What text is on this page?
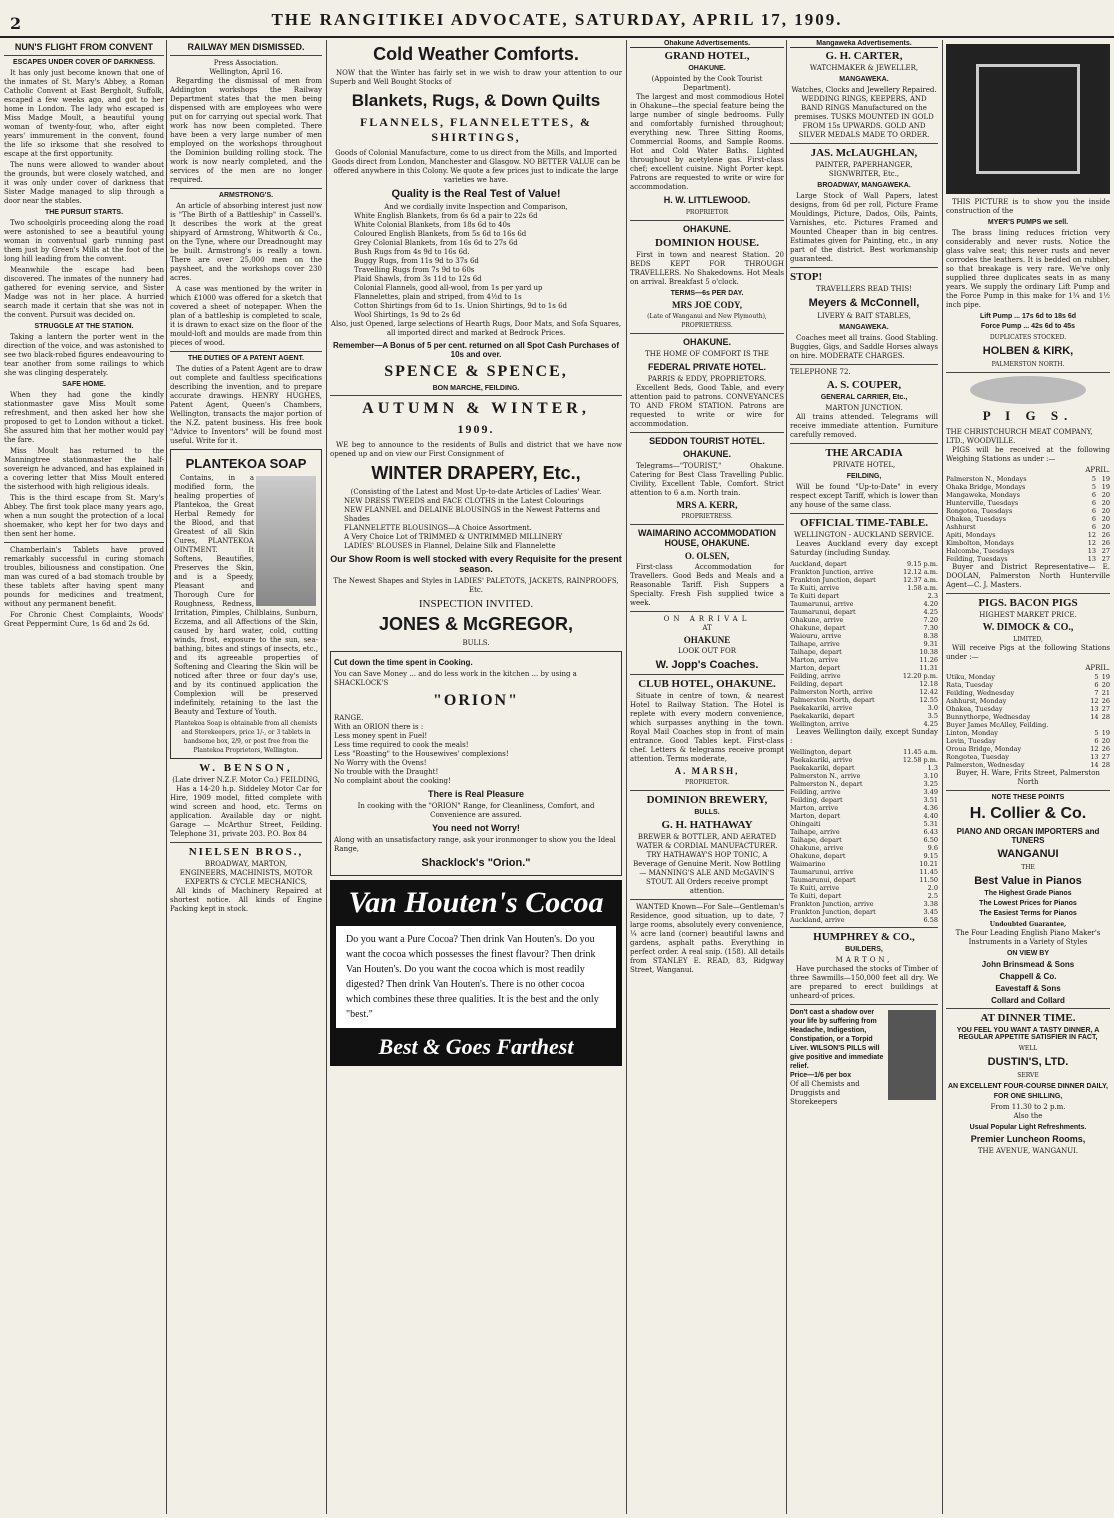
2	THE RANGITIKEI ADVOCATE, SATURDAY, APRIL 17, 1909.
NUN'S FLIGHT FROM CONVENT
ESCAPES UNDER COVER OF DARKNESS.

It has only just become known that one of the inmates of St. Mary's Abbey, a Roman Catholic Convent at East Bergholt, Suffolk, escaped a few weeks ago, and got to her home in London. The lady who escaped is Miss Madge Moult, a beautiful young woman of twenty-four, who, after eight years' immurement in the convent, found the life so irksome that she resolved to escape at the first opportunity.

The nuns were allowed to wander about the grounds, but were closely watched, and it was only under cover of darkness that Sister Madge managed to slip through a door near the stables.

THE PURSUIT STARTS.

Two schoolgirls proceeding along the road were astonished to see a beautiful young woman in conventual garb running past them just by Green's Mills at the foot of the long hill leading from the convent.

Meanwhile the escape had been discovered. The inmates of the nunnery had gathered for evening service, and Sister Madge was not in her place. A hurried search made it certain that she was not in the convent. Pursuit was decided on.

STRUGGLE AT THE STATION.

Taking a lantern the porter went in the direction of the voice, and was astonished to see two black-robed figures endeavouring to tear another from some railings to which she was clinging desperately.

SAFE HOME.

When they had gone the kindly stationmaster gave Miss Moult some refreshment, and then asked her how she proposed to get to London without a ticket. She assured him that her mother would pay the fare.

Miss Moult has returned to the Manningtree stationmaster the half-sovereign he advanced, and has explained in a covering letter that Miss Moult entered the sisterhood with high religious ideals.

This is the third escape from St. Mary's Abbey. The first took place many years ago, when a nun sought the protection of a local shoemaker, who kept her for two days and then sent her home.

Chamberlain's Tablets have proved remarkably successful in curing stomach troubles, biliousness and constipation. One man was cured of a bad stomach trouble by these tablets after having spent many pounds for medicines and treatment, without any permanent benefit.

For Chronic Chest Complaints, Woods' Great Peppermint Cure, 1s 6d and 2s 6d.

RAILWAY MEN DISMISSED.
Press Association.
Wellington, April 16.

Regarding the dismissal of men from Addington workshops the Railway Department states that the men being dispensed with are employees who were put on for carrying out special work. That work has now been completed. There have been a very large number of men employed on the workshops throughout the Dominion building rolling stock. The work is now nearly completed, and the services of the men are no longer required.

ARMSTRONG'S.

An article of absorbing interest just now is "The Birth of a Battleship" in Cassell's. It describes the work at the great shipyard of Armstrong, Whitworth & Co., on the Tyne, where our Dreadnought may be built. Armstrong's is really a town. There are over 25,000 men on the paysheet, and the workshops cover 230 acres.

A case was mentioned by the writer in which £1000 was offered for a sketch that covered a sheet of notepaper. When the plan of a battleship is completed to scale, it is drawn to exact size on the floor of the mould-loft and moulds are made from thin pieces of wood.

THE DUTIES OF A PATENT AGENT.

The duties of a Patent Agent are to draw out complete and faultless specifications describing the invention, and to prepare accurate drawings. HENRY HUGHES, Patent Agent, Queen's Chambers, Wellington, transacts the major portion of the N.Z. patent business. His free book "Advice to Inventors" will be found most useful. Write for it.

PLANTEKOA SOAP

Contains, in a modified form, the healing properties of Plantekoa, the Great Herbal Remedy for the Blood, and that Greatest of all Skin Cures, PLANTEKOA OINTMENT. It Softens, Beautifies, Preserves the Skin, and is a Speedy, Pleasant and Thorough Cure for Roughness, Redness, Irritation, Pimples, Chilblains, Sunburn, Eczema, and all Affections of the Skin, caused by hard water, cold, cutting winds, frost, exposure to the sun, sea-bathing, bites and stings of insects, etc., and its agreeable properties of Softening and Clearing the Skin will be noticed after three or four day's use, and by its continued application the Complexion will be preserved indefinitely, retaining to the last the Beauty and Texture of Youth.

Plantekoa Soap is obtainable from all chemists and Storekeepers, price 1/-, or 3 tablets in handsome box, 2/9, or post free from the Plantekoa Proprietors, Wellington.
W. BENSON,
(Late driver N.Z.F. Motor Co.) FEILDING,

Has a 14-20 h.p. Siddeley Motor Car for Hire, 1909 model, fitted complete with wind screen and hood, etc. Terms on application. Available day or night. Garage — McArthur Street, Feilding. Telephone 31, private 203. P.O. Box 84

NIELSEN BROS.,
BROADWAY, MARTON,
ENGINEERS, MACHINISTS, MOTOR EXPERTS & CYCLE MECHANICS,

All kinds of Machinery Repaired at shortest notice. All kinds of Engine Packing kept in stock.

Cold Weather Comforts.

NOW that the Winter has fairly set in we wish to draw your attention to our Superb and Well Bought Stocks of

Blankets, Rugs, & Down Quilts
FLANNELS, FLANNELETTES, & SHIRTINGS,

Goods of Colonial Manufacture, come to us direct from the Mills, and Imported Goods direct from London, Manchester and Glasgow. NO BETTER VALUE can be offered anywhere in this Colony. We quote a few prices just to indicate the large varieties we have.

Quality is the Real Test of Value!
And we cordially invite Inspection and Comparison,
White English Blankets, from 6s 6d a pair to 22s 6d
White Colonial Blankets, from 18s 6d to 40s
Coloured English Blankets, from 5s 6d to 16s 6d
Grey Colonial Blankets, from 16s 6d to 27s 6d
Bush Rugs from 4s 9d to 16s 6d.
Buggy Rugs, from 11s 9d to 37s 6d
Travelling Rugs from 7s 9d to 60s
Plaid Shawls, from 3s 11d to 12s 6d
Colonial Flannels, good all-wool, from 1s per yard up
Flannelettes, plain and striped, from 4½d to 1s
Cotton Shirtings from 6d to 1s. Union Shirtings, 9d to 1s 6d
Wool Shirtings, 1s 9d to 2s 6d

Also, just Opened, large selections of Hearth Rugs, Door Mats, and Sofa Squares, all imported direct and marked at Bedrock Prices.

Remember—A Bonus of 5 per cent. returned on all Spot Cash Purchases of 10s and over.
SPENCE & SPENCE,
BON MARCHE, FEILDING.
AUTUMN & WINTER,
1909.

WE beg to announce to the residents of Bulls and district that we have now opened up and on view our First Consignment of

WINTER DRAPERY, Etc.,
(Consisting of the Latest and Most Up-to-date Articles of Ladies' Wear.
NEW DRESS TWEEDS and FACE CLOTHS in the Latest Colourings
NEW FLANNEL and DELAINE BLOUSINGS in the Newest Patterns and Shades
FLANNELETTE BLOUSINGS—A Choice Assortment.
A Very Choice Lot of TRIMMED & UNTRIMMED MILLINERY
LADIES' BLOUSES in Flannel, Delaine Silk and Flannelette
Our Show Room is well stocked with every Requisite for the present season.
The Newest Shapes and Styles in LADIES' PALETOTS, JACKETS, RAINPROOFS, Etc.
INSPECTION INVITED.
JONES & McGREGOR,
BULLS.
Cut down the time spent in Cooking.
You can Save Money ... and do less work in the kitchen ... by using a SHACKLOCK'S
"ORION"
RANGE.
With an ORION there is :
Less money spent in Fuel!
Less time required to cook the meals!
Less "Roasting" to the Housewives' complexions!
No Worry with the Ovens!
No trouble with the Draught!
No complaint about the cooking!
There is Real Pleasure
In cooking with the "ORION" Range, for Cleanliness, Comfort, and Convenience are assured.
You need not Worry!
Along with an unsatisfactory range, ask your ironmonger to show you the Ideal Range,
Shacklock's "Orion."
Van Houten's Cocoa
Do you want a Pure Cocoa? Then drink Van Houten's. Do you want the cocoa which possesses the finest flavour? Then drink Van Houten's. Do you want the cocoa which is most readily digested? Then drink Van Houten's. There is no other cocoa which combines these three qualities. It is the best and the only "best."
Best & Goes Farthest
Ohakune Advertisements.
GRAND HOTEL,
OHAKUNE.
(Appointed by the Cook Tourist Department).

The largest and most commodious Hotel in Ohakune—the special feature being the large number of single bedrooms. Fully and comfortably furnished throughout; everything new. Three Sitting Rooms, Commercial Rooms, and Sample Rooms. Hot and Cold Water Baths. Lighted throughout by acetylene gas. First-class chef; excellent cuisine. Night Porter kept. Patrons are requested to write or wire for accommodation.

H. W. LITTLEWOOD.
PROPRIETOR
OHAKUNE.
DOMINION HOUSE.

First in town and nearest Station. 20 BEDS KEPT FOR THROUGH TRAVELLERS. No Shakedowns. Hot Meals on arrival. Breakfast 5 o'clock.

TERMS—6s PER DAY.
MRS JOE CODY,
(Late of Wanganui and New Plymouth), PROPRIETRESS.
OHAKUNE.
THE HOME OF COMFORT IS THE
FEDERAL PRIVATE HOTEL.
PARRIS & EDDY, PROPRIETORS.

Excellent Beds, Good Table, and every attention paid to patrons. CONVEYANCES TO AND FROM STATION. Patrons are requested to write or wire for accommodation.

SEDDON TOURIST HOTEL.
OHAKUNE.

Telegrams—"TOURIST," Ohakune. Catering for Best Class Travelling Public. Civility, Excellent Table, Comfort. Strict attention to 6 a.m. North train.

MRS A. KERR,
PROPRIETRESS.
WAIMARINO ACCOMMODATION HOUSE, OHAKUNE.
O. OLSEN,

First-class Accommodation for Travellers. Good Beds and Meals and a Reasonable Tariff. Fish Suppers a Specialty. Fresh Fish supplied twice a week.

ON ARRIVAL
AT
OHAKUNE
LOOK OUT FOR
W. Jopp's Coaches.
CLUB HOTEL, OHAKUNE.

Situate in centre of town, & nearest Hotel to Railway Station. The Hotel is replete with every modern convenience, which surpasses anything in the town. Royal Mail Coaches stop in front of main entrance. Good Tables kept. First-class chef. Letters & telegrams receive prompt attention. Terms moderate,

A. MARSH,
PROPRIETOR.
DOMINION BREWERY,
BULLS.
G. H. HATHAWAY

BREWER & BOTTLER, AND AERATED WATER & CORDIAL MANUFACTURER. TRY HATHAWAY'S HOP TONIC, A Beverage of Genuine Merit. Now Bottling— MANNING'S ALE AND McGAVIN'S STOUT. All Orders receive prompt attention.

WANTED Known—For Sale—Gentleman's Residence, good situation, up to date, 7 large rooms, absolutely every convenience, ¼ acre land (corner) beautiful lawns and gardens, asphalt paths. Everything in perfect order. A real snip. (158). All details from STANLEY E. READ, 83, Ridgway Street, Wanganui.

Mangaweka Advertisements.
G. H. CARTER,
WATCHMAKER & JEWELLER,
MANGAWEKA.

Watches, Clocks and Jewellery Repaired. WEDDING RINGS, KEEPERS, AND BAND RINGS Manufactured on the premises. TUSKS MOUNTED IN GOLD FROM 15s UPWARDS. GOLD AND SILVER MEDALS MADE TO ORDER.

JAS. McLAUGHLAN,
PAINTER, PAPERHANGER, SIGNWRITER, Etc.,
BROADWAY, MANGAWEKA.

Large Stock of Wall Papers, latest designs, from 6d per roll, Picture Frame Mouldings, Picture, Dados, Oils, Paints, Varnishes, etc. Pictures Framed and Mounted Cheaper than in big centres. Estimates given for Painting, etc., in any part of the district. Best workmanship guaranteed.

STOP!
TRAVELLERS READ THIS!
Meyers & McConnell,
LIVERY & BAIT STABLES,
MANGAWEKA.

Coaches meet all trains. Good Stabling. Buggies, Gigs, and Saddle Horses always on hire. MODERATE CHARGES.

TELEPHONE 72.
A. S. COUPER,
GENERAL CARRIER, Etc.,
MARTON JUNCTION.

All trains attended. Telegrams will receive immediate attention. Furniture carefully removed.

THE ARCADIA
PRIVATE HOTEL,
FEILDING,

Will be found "Up-to-Date" in every respect except Tariff, which is lower than any house of the same class.

OFFICIAL TIME-TABLE.
WELLINGTON - AUCKLAND SERVICE.

Leaves Auckland every day except Saturday (including Sunday.

Auckland, depart	9.15 p.m.
Frankton Junction, arrive	12.12 a.m.
Frankton Junction, depart	12.37 a.m.
Te Kuiti, arrive	1.58 a.m.
Te Kuiti depart	2.3
Taumarunui, arrive	4.20
Taumarunui, depart	4.25
Ohakune, arrive	7.20
Ohakune, depart	7.30
Waiouru, arrive	8.38
Taihape, arrive	9.31
Taihape, depart	10.38
Marton, arrive	11.26
Marton, depart	11.31
Feilding, arrive	12.20 p.m.
Feilding, depart	12.18
Palmerston North, arrive	12.42
Palmerston North, depart	12.55
Paekakariki, arrive	3.0
Paekakariki, depart	3.5
Wellington, arrive	4.25

Leaves Wellington daily, except Sunday :

Wellington, depart	11.45 a.m.
Paekakariki, arrive	12.58 p.m.
Paekakariki, depart	1.3
Palmerston N., arrive	3.10
Palmerston N., depart	3.25
Feilding, arrive	3.49
Feilding, depart	3.51
Marton, arrive	4.36
Marton, depart	4.40
Ohingaiti	5.31
Taihape, arrive	6.43
Taihape, depart	6.50
Ohakune, arrive	9.6
Ohakune, depart	9.15
Waimarino	10.21
Taumarunui, arrive	11.45
Taumarunui, depart	11.50
Te Kuiti, arrive	2.0
Te Kuiti, depart	2.5
Frankton Junction, arrive	3.38
Frankton Junction, depart	3.45
Auckland, arrive	6.58
HUMPHREY & CO.,
BUILDERS,
MARTON,

Have purchased the stocks of Timber of three Sawmills—150,000 feet all dry. We are prepared to erect buildings at unheard-of prices.

Don't cast a shadow over your life by suffering from Headache, Indigestion, Constipation, or a Torpid Liver. WILSON'S PILLS will give positive and immediate relief.
Price—1/6 per box
Of all Chemists and Druggists and Storekeepers

THIS PICTURE is to show you the inside construction of the

MYER'S PUMPS we sell.

The brass lining reduces friction very considerably and never rusts. Notice the glass valve seat; this never rusts and never corrodes the leathers. It is bedded on rubber, so that breakage is very rare. We've only supplied three duplicates seats in as many years. We supply the ordinary Lift Pump and the Force Pump in this make for 1¼ and 1½ inch pipe.

Lift Pump ... 17s 6d to 18s 6d
Force Pump ... 42s 6d to 45s
DUPLICATES STOCKED.
HOLBEN & KIRK,
PALMERSTON NORTH.
P I G S.
THE CHRISTCHURCH MEAT COMPANY, LTD., WOODVILLE.

PIGS will be received at the following Weighing Stations as under :—

APRIL.
Palmerston N., Mondays	5	19
Ohaka Bridge, Mondays	5	19
Mangaweka, Mondays	6	20
Hunterville, Tuesdays	6	20
Rongotea, Tuesdays	6	20
Ohakea, Tuesdays	6	20
Ashhurst	6	20
Apiti, Mondays	12	26
Kimbolton, Mondays	12	26
Halcombe, Tuesdays	13	27
Feilding, Tuesdays	13	27

Buyer and District Representative— E. DOOLAN, Palmerston North Hunterville Agent—C. J. Masters.

PIGS. BACON PIGS
HIGHEST MARKET PRICE.
W. DIMOCK & CO.,
LIMITED,

Will receive Pigs at the following Stations under :—

APRIL.
Utiku, Monday	5	19
Rata, Tuesday	6	20
Feilding, Wednesday	7	21
Ashhurst, Monday	12	26
Ohakea, Tuesday	13	27
Bunnythorpe, Wednesday	14	28
Buyer James McAlley, Feilding.		
Linton, Monday	5	19
Levin, Tuesday	6	20
Oroua Bridge, Monday	12	26
Rongotea, Tuesday	13	27
Palmerston, Wednesday	14	28
Buyer, H. Ware, Frits Street, Palmerston North
NOTE THESE POINTS
H. Collier & Co.
PIANO AND ORGAN IMPORTERS and TUNERS
WANGANUI
THE
Best Value in Pianos
The Highest Grade Pianos
The Lowest Prices for Pianos
The Easiest Terms for Pianos
Undoubted Guarantee,
The Four Leading English Piano Maker's Instruments in a Variety of Styles
ON VIEW BY
John Brinsmead & Sons
Chappell & Co.
Eavestaff & Sons
Collard and Collard
AT DINNER TIME.
YOU FEEL YOU WANT A TASTY DINNER, A REGULAR APPETITE SATISFIER IN FACT,
WELL
DUSTIN'S, LTD.
SERVE
AN EXCELLENT FOUR-COURSE DINNER DAILY,
FOR ONE SHILLING,
From 11.30 to 2 p.m.
Also the
Usual Popular Light Refreshments.
Premier Luncheon Rooms,
THE AVENUE, WANGANUI.
